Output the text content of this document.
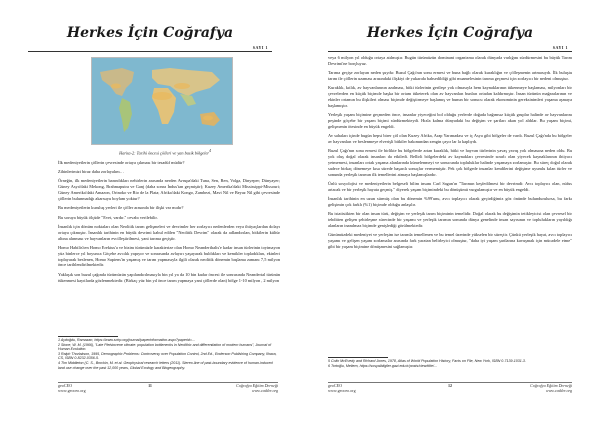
Herkes İçin Coğrafya
SAYI 1
Harita-2: Tarihi öncesi çölleri ve yan basik bölgeler$^4$

İlk medeniyetlerin çöllerin çevresinde ortaya çıkması bir tesadüf müdür?

Zihinlerimizi biraz daha zorlayalım…

Örneğin, ilk medeniyetlerin barındıkları nehirlerin arasında nerden Avrupa'daki Tuna, Sen, Ren, Volga, Dinyeper; Dünyayer; Güney Asya'daki Mekong, Brahmaputra ve Ganj (daha sonra İndus'tan geçmiştir); Kuzey Amerika'daki Mississippi-Missouri; Güney Amerika'daki Amazon, Orinoko ve Rio de la Plata; Afrika'daki Kongo, Zambezi, Mavi Nil ve Beyaz Nil gibi çevresinde çöllerin bulunmadığı akarsuyu boylam yoktur?

Bu medeniyetlerin kuruluş yerleri ile çöller arasında bir ilişki var mıdır?

Bu soruya büyük ölçüde "Evet, vardır." cevabı verilebilir.

İnsanlık için dönüm noktaları olan Neolitik tarım gelişmeleri ve devrimler her zorlayıcı nedenlerden veya ihtiyaçlardan dolayı ortaya çıkmıştır. İnsanlık tarihinin en büyük devrimi kabul edilen "Neolitik Devrim" olarak da adlandırılan, bitkilerin kültür altına alınması ve hayvanların evcilleştirilmesi, yani tarıma geçiştir.

Homo Habilis'ten Homo Erektus'a ve bizim türümüzle karakterize olan Homo Neanderthalis'e kadar insan türlerinin toyimayon yüz binlerce yıl boyunca Göçebe avcılık yapıyor ve sonrasında avlayırı yaşayarak buldıkları ve kemikler topladıkları, ekinleri toplayarak beslenen, Homo Sapiens'in yaşamış ve tarım yapmasıyla ilgili olarak neolitik dönemin başlama zamanı 7,5 milyon önce tarihlendirilmektedir.

Yaklaşık son buzul çağında türümüzün yapılandırılmasıyla bin yıl ya da 10 bin kadar öncesi ile sonrasında Neandertal türünün tükenmesi kayıtlarda gözlenmektedir. (Birkaç yüz bin yıl önce tarım yapmaya yani çöllerde olan) bölge 1-10 milyon , 2 milyon

1 Aydoğdu, Ramazan, https://www.scirp.org/journal/paperinformation.aspx?paperid=...

2 Stone, W. M. (1966), "Late Pleistocene climate: population bottlenecks in Neolithic and differentiation of modern humans", Journal of Human Evolution.

3 Ralph Thorlakson, 1995, Demographic Problems: Controversy over Population Control, 2nd Ed., Enderson Publishing Company, Ilhaca, CS, ISBN 0-8232-0356-5.

4 Tim Middleton (C. S., Brovkin, M. et al. Geophysical research letters (2011). Stereo-line of past-boundary evidence of human-induced land use change over the past 12,000 years, Global Ecology and Biogeography.

geoCEO
www.geoceo.org
11	Coğrafya Eğitim Derneği
www.cedder.org
Herkes İçin Coğrafya
SAYI 1

veya 6 milyon yıl olduğu ortaya atılmıştır. Bugün türümüzün dominant organizma olarak dünyada varlığını sürdürmesini bu büyük Tarım Devrimi'ne borçluyuz.

Tarıma geçişe zorlayan neden şuydu: Buzul Çağı'nın sonu ermesi ve buna bağlı olarak kuraklığın ve çölleşmenin artmasıydı. İlk buluştu tarım ile çöllerin uzaması arasındaki ilişkiyi de yukarıda bahsedildiği gibi muamelesinin tarıma geçmesi için zorlayıcı bir nedeni olmuştur.

Kuraklık, kıtlık, av hayvanlarının azalması, bitki türlerinin gerileşe yok olmasıyla hem kaynaklarının tükenmeye başlaması, milyonları bir çevrelerden en küçük biçimde başka bir ortam tüketerek olan av hayvanları bunları ortadan kaldırmıştır. İnsan türünün mağaralarının ve ekinler ortamın bu ilişkileri olması biçimde değiştirmeye başlamış ve bunun bir sonucu olarak ekonominin gereksinimleri yaşama aşmaya başlamıştır.

Yerleşik yaşam biçimine geçmeden önce, insanlar yiyeceğini bol olduğu yerlerde doğada bağımsız küçük gruplar halinde av hayvanlarını peşinde göçebe bir yaşam biçimi sürdürmekteydi. Hızla kalma dünyadaki bu değişim ve şartları akan yol aldılar. Bu yaşam biçimi, gelişmenin ötesinde en büyük engeldi.

Av sahaları içinde bugün hepsi birer çöl olan Kuzey Afrika, Arap Yarımadası ve iç Asya gibi bölgeler de vardı. Buzul Çağı'nda bu bölgeler av hayvanları ve beslenmeye elverişli bitkiler bakımından zengin çayır lar la kaplıydı.

Buzul Çağı'nın sona ermesi ile birlikte bu bölgelerde artan kuraklık, bitki ve hayvan türlerinin yavaş yavaş yok olmasına neden oldu. Bu yok oluş doğal olarak insanları da etkiledi. Bellirli bölgelerdeki av kaynakları çevresinde sınırlı olan yiyecek kaynaklarının ihtiyacı yetmemesi, insanları ortak yaşama alanlarında kümelenmeyi ve sonucunda topluluklar halinde yaşamaya zorlamıştır. Bu süreç doğal olarak sadece birkaç dönemeye kısa sürede başarılı sonuçlar vermemiştir. Pek çok bölgede insanlar kendilerini değişime uyumlu kılan türler ve sonunda yerleşik tarımın ilk temellerini atmaya başlamışlardır.

Ünlü sosyolojist ve medeniyetlerin belgeseli bilim insanı Carl Sagan'ın "Tarımın keşfedilmesi bir devrimdi: Avcı toplayıcı olan, nüfus artacak ve bir yerleşik hayata geçmiş." diyerek yaşam biçimindeki bu dönüşümü vurgulamıştır ve en büyük engeldi.

İnsanlık tarihinin en uzun sürmüş olan bu dönemin %99'unu, avcı toplayıcı olarak geçirdiğimiz göz önünde bulundurulursa, bu farkı gelişimin çok farklı (%1) biçimde olduğu anlaşılır.

Bu istatistikten bir olan insan türü, değişim ve yerleşik tarım biçiminin temelidir. Doğal olarak bu değişimin tetikleyicisi olan çevresel bir tehditten gelişen şehirleşme sürecinde bir yaşamı ve yerleşik tarımın sonunda dünya genelinde insan sayısının ve toplulukların yayıldığı alanların inanılmaz biçimde genişlediği görülmektedir.

Günümüzdeki medeniyet ve yerleşim ise tarımla temellenen ve bu temel üzerinde yükselen bir süreçtir. Çünkü yerleşik hayat, avcı toplayıcı yaşamı ve gelişen yaşam zorlamalar arasında fark yaratan belirleyici olmuştur, "daha iyi yaşam şartlarına kavuşmak için mücadele etme" gibi bir yaşam biçimine dönüşmesini sağlamıştır.

5 Colin McEvedy and Richard Jones, 1978, Atlas of World Population History, Facts on File, New York, ISBN 0-7139-1031-3.

6 Tortoğlu, Meltem, https://sosyalbilgiler.gazi.edu.tr/posts/view/title/...

geoCEO
www.geoceo.org
12	Coğrafya Eğitim Derneği
www.cedder.org
